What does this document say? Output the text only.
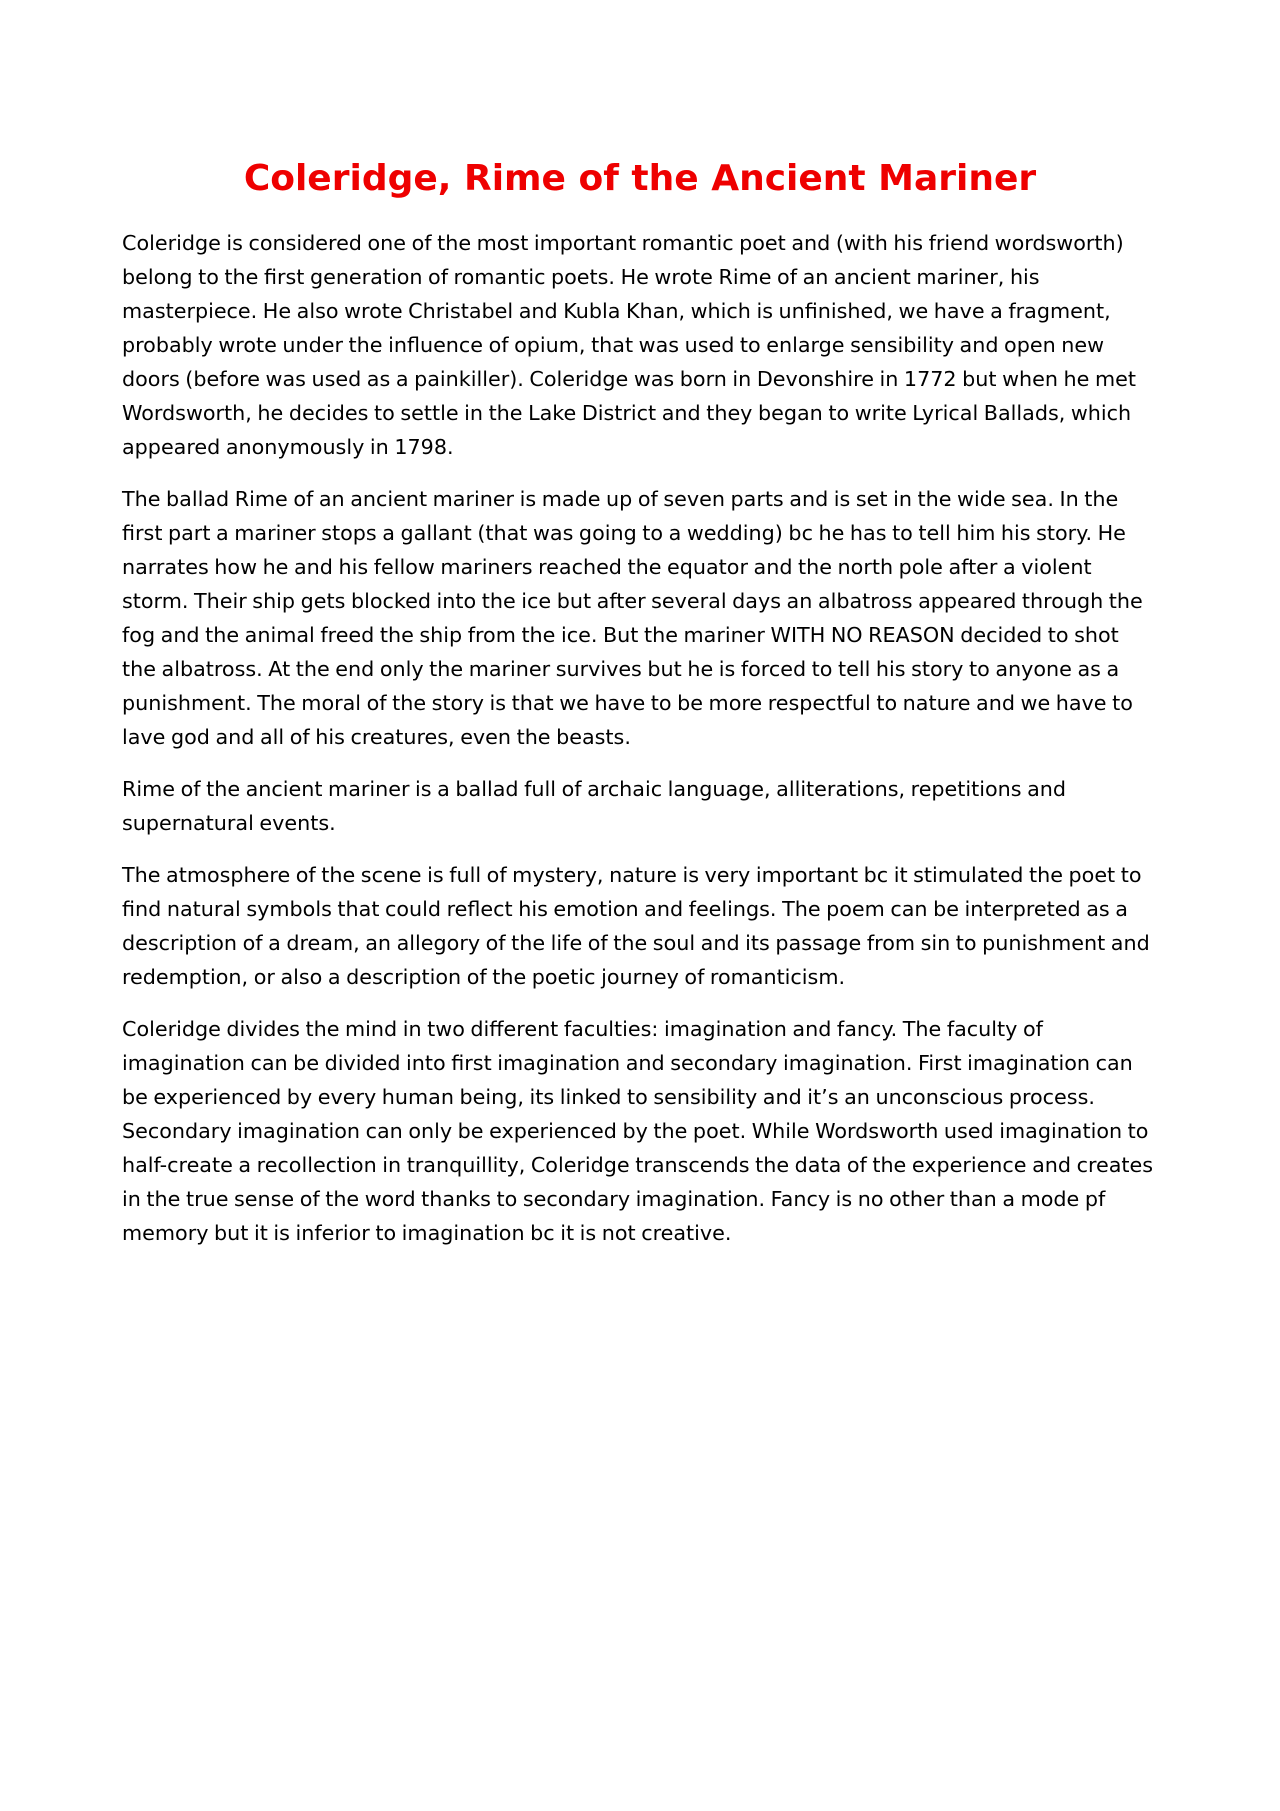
Coleridge, Rime of the Ancient Mariner

Coleridge is considered one of the most important romantic poet and (with his friend wordsworth) belong to the first generation of romantic poets. He wrote Rime of an ancient mariner, his masterpiece. He also wrote Christabel and Kubla Khan, which is unfinished, we have a fragment, probably wrote under the influence of opium, that was used to enlarge sensibility and open new doors (before was used as a painkiller). Coleridge was born in Devonshire in 1772 but when he met Wordsworth, he decides to settle in the Lake District and they began to write Lyrical Ballads, which appeared anonymously in 1798.

The ballad Rime of an ancient mariner is made up of seven parts and is set in the wide sea. In the first part a mariner stops a gallant (that was going to a wedding) bc he has to tell him his story. He narrates how he and his fellow mariners reached the equator and the north pole after a violent storm. Their ship gets blocked into the ice but after several days an albatross appeared through the fog and the animal freed the ship from the ice. But the mariner WITH NO REASON decided to shot the albatross. At the end only the mariner survives but he is forced to tell his story to anyone as a punishment. The moral of the story is that we have to be more respectful to nature and we have to lave god and all of his creatures, even the beasts.

Rime of the ancient mariner is a ballad full of archaic language, alliterations, repetitions and supernatural events.

The atmosphere of the scene is full of mystery, nature is very important bc it stimulated the poet to find natural symbols that could reflect his emotion and feelings. The poem can be interpreted as a description of a dream, an allegory of the life of the soul and its passage from sin to punishment and redemption, or also a description of the poetic journey of romanticism.

Coleridge divides the mind in two different faculties: imagination and fancy. The faculty of imagination can be divided into first imagination and secondary imagination. First imagination can be experienced by every human being, its linked to sensibility and it’s an unconscious process. Secondary imagination can only be experienced by the poet. While Wordsworth used imagination to half-create a recollection in tranquillity, Coleridge transcends the data of the experience and creates in the true sense of the word thanks to secondary imagination. Fancy is no other than a mode pf memory but it is inferior to imagination bc it is not creative.
